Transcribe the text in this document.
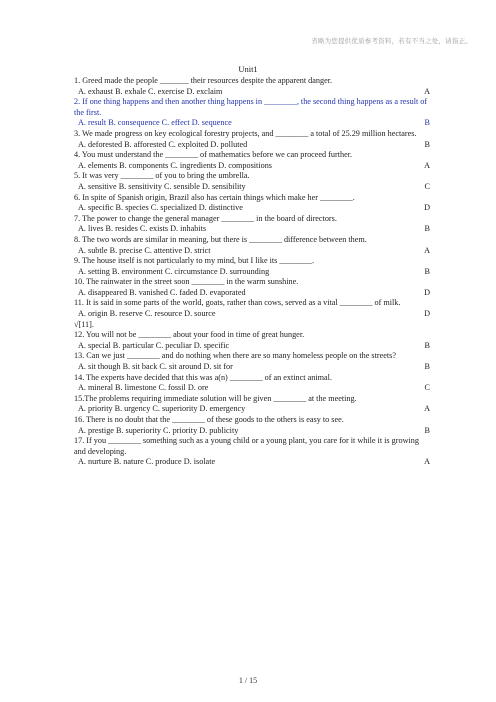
省略为您提供优质参考资料，若有不当之处，请指正。
Unit1
1. Greed made the people _______ their resources despite the apparent danger.
A
A. exhaust B. exhale C. exercise D. exclaim
2. If one thing happens and then another thing happens in ________, the second thing happens as a result of the first.
B
A. result B. consequence C. effect D. sequence
3. We made progress on key ecological forestry projects, and ________ a total of 25.29 million hectares.
B
A. deforested B. afforested C. exploited D. polluted
4. You must understand the ________ of mathematics before we can proceed further.
A
A. elements B. components C. ingredients D. compositions
5. It was very ________ of you to bring the umbrella.
C
A. sensitive B. sensitivity C. sensible D. sensibility
6. In spite of Spanish origin, Brazil also has certain things which make her ________.
D
A. specific B. species C. specialized D. distinctive
7. The power to change the general manager ________ in the board of directors.
B
A. lives B. resides C. exists D. inhabits
8. The two words are similar in meaning, but there is ________ difference between them.
A
A. subtle B. precise C. attentive D. strict
9. The house itself is not particularly to my mind, but I like its ________.
B
A. setting B. environment C. circumstance D. surrounding
10. The rainwater in the street soon ________ in the warm sunshine.
D
A. disappeared B. vanished C. faded D. evaporated
11. It is said in some parts of the world, goats, rather than cows, served as a vital ________ of milk.
D
A. origin B. reserve C. resource D. source
√[11].
12. You will not be ________ about your food in time of great hunger.
B
A. special B. particular C. peculiar D. specific
13. Can we just ________ and do nothing when there are so many homeless people on the streets?
B
A. sit though B. sit back C. sit around D. sit for
14. The experts have decided that this was a(n) ________ of an extinct animal.
C
A. mineral B. limestone C. fossil D. ore
15.The problems requiring immediate solution will be given ________ at the meeting.
A
A. priority B. urgency C. superiority D. emergency
16. There is no doubt that the ________ of these goods to the others is easy to see.
B
A. prestige B. superiority C. priority D. publicity
17. If you ________ something such as a young child or a young plant, you care for it while it is growing and developing.
A
A. nurture B. nature C. produce D. isolate
1 / 15
